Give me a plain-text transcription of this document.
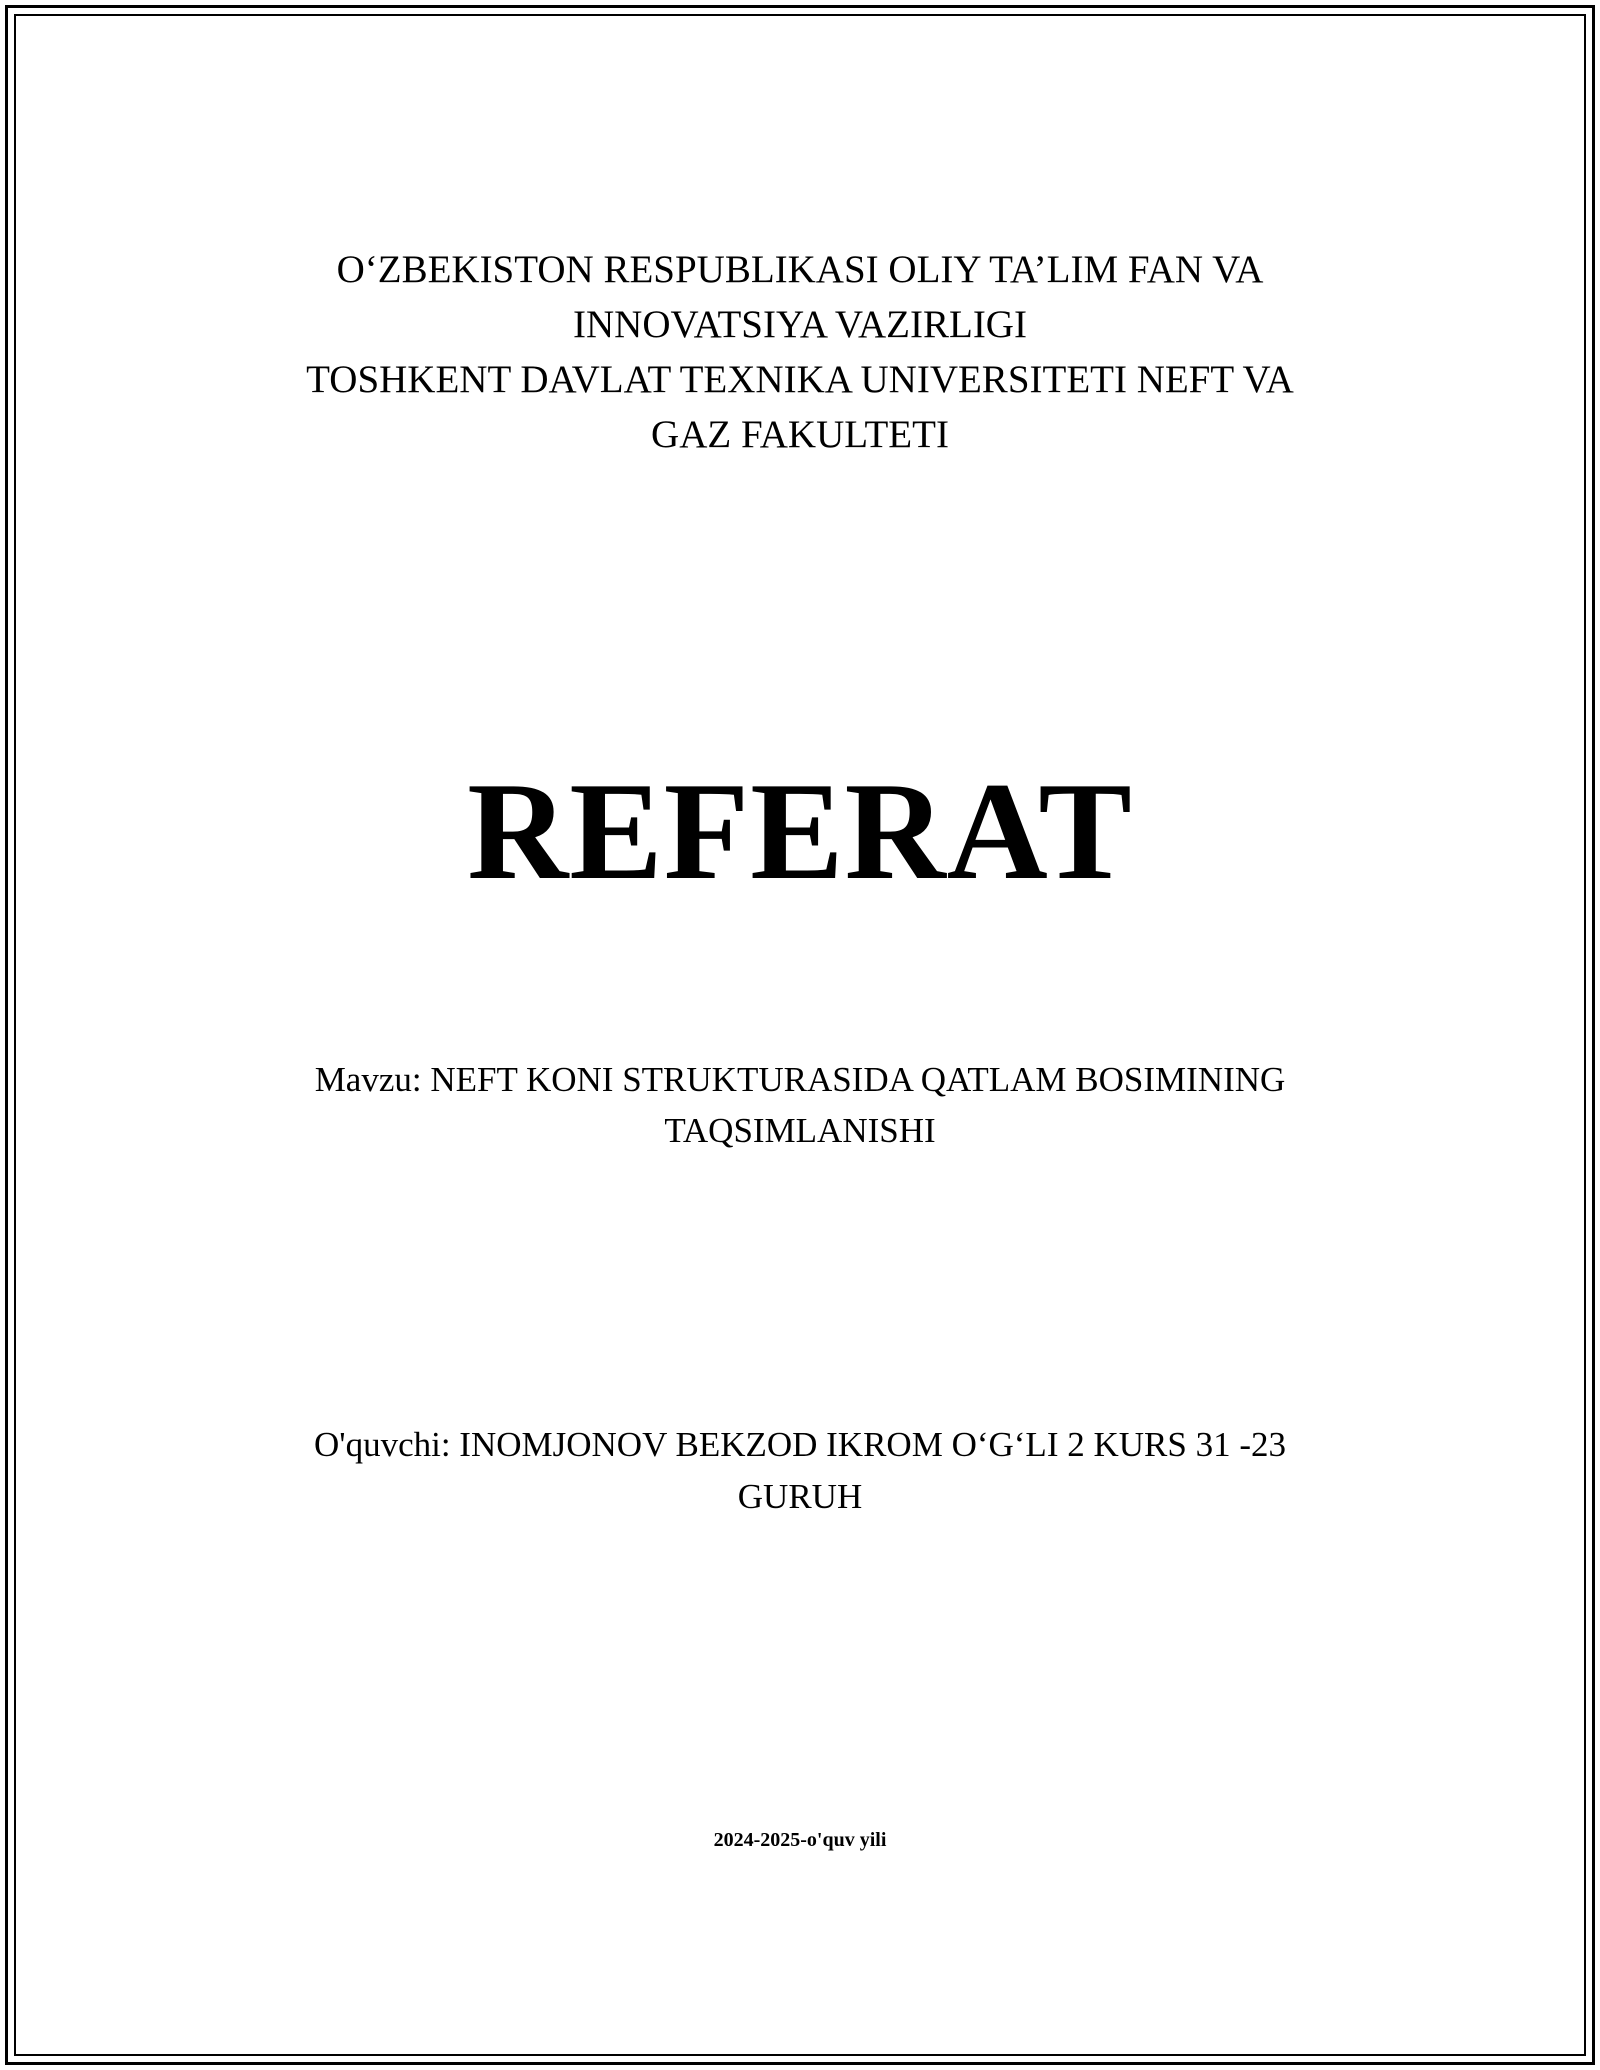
O‘ZBEKISTON RESPUBLIKASI OLIY TA’LIM FAN VA
INNOVATSIYA VAZIRLIGI
TOSHKENT DAVLAT TEXNIKA UNIVERSITETI NEFT VA
GAZ FAKULTETI
REFERAT
Mavzu: NEFT KONI STRUKTURASIDA QATLAM BOSIMINING
TAQSIMLANISHI
O'quvchi: INOMJONOV BEKZOD IKROM O‘G‘LI 2 KURS 31 -23
GURUH
2024-2025-o'quv yili
